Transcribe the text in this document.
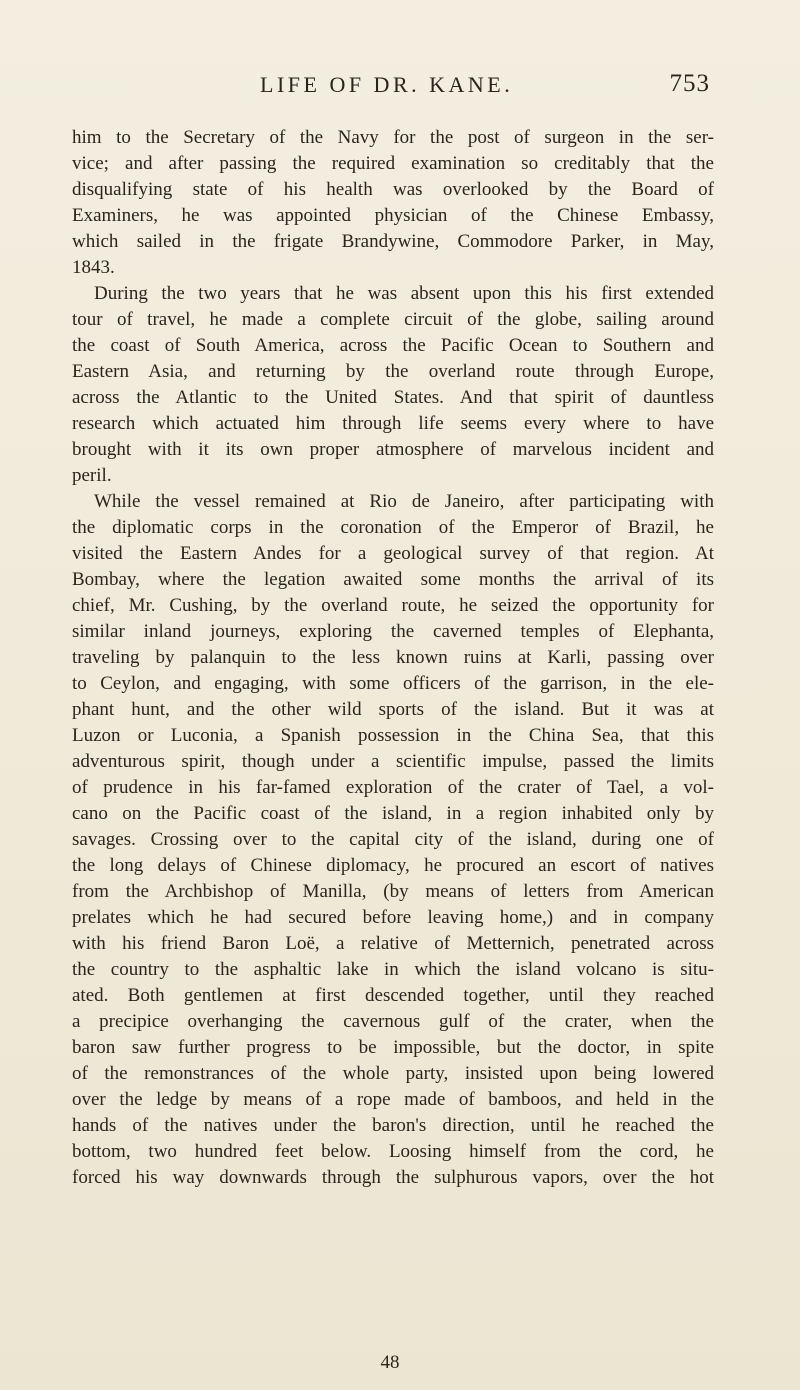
LIFE OF DR. KANE.	753
him to the Secretary of the Navy for the post of surgeon in the ser-
vice; and after passing the required examination so creditably that the
disqualifying state of his health was overlooked by the Board of
Examiners, he was appointed physician of the Chinese Embassy,
which sailed in the frigate Brandywine, Commodore Parker, in May,
1843.
During the two years that he was absent upon this his first extended
tour of travel, he made a complete circuit of the globe, sailing around
the coast of South America, across the Pacific Ocean to Southern and
Eastern Asia, and returning by the overland route through Europe,
across the Atlantic to the United States. And that spirit of dauntless
research which actuated him through life seems every where to have
brought with it its own proper atmosphere of marvelous incident and
peril.
While the vessel remained at Rio de Janeiro, after participating with
the diplomatic corps in the coronation of the Emperor of Brazil, he
visited the Eastern Andes for a geological survey of that region. At
Bombay, where the legation awaited some months the arrival of its
chief, Mr. Cushing, by the overland route, he seized the opportunity for
similar inland journeys, exploring the caverned temples of Elephanta,
traveling by palanquin to the less known ruins at Karli, passing over
to Ceylon, and engaging, with some officers of the garrison, in the ele-
phant hunt, and the other wild sports of the island. But it was at
Luzon or Luconia, a Spanish possession in the China Sea, that this
adventurous spirit, though under a scientific impulse, passed the limits
of prudence in his far-famed exploration of the crater of Tael, a vol-
cano on the Pacific coast of the island, in a region inhabited only by
savages. Crossing over to the capital city of the island, during one of
the long delays of Chinese diplomacy, he procured an escort of natives
from the Archbishop of Manilla, (by means of letters from American
prelates which he had secured before leaving home,) and in company
with his friend Baron Loë, a relative of Metternich, penetrated across
the country to the asphaltic lake in which the island volcano is situ-
ated. Both gentlemen at first descended together, until they reached
a precipice overhanging the cavernous gulf of the crater, when the
baron saw further progress to be impossible, but the doctor, in spite
of the remonstrances of the whole party, insisted upon being lowered
over the ledge by means of a rope made of bamboos, and held in the
hands of the natives under the baron's direction, until he reached the
bottom, two hundred feet below. Loosing himself from the cord, he
forced his way downwards through the sulphurous vapors, over the hot
48
